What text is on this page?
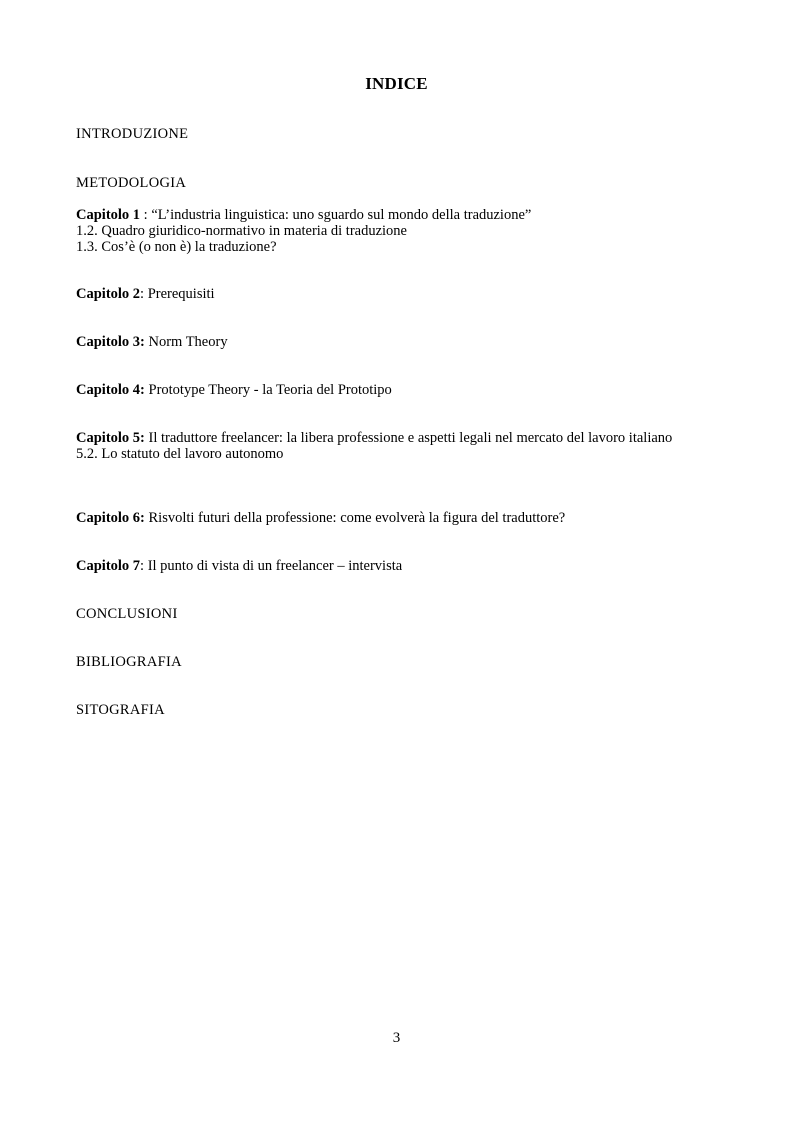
INDICE
INTRODUZIONE
METODOLOGIA
Capitolo 1 : “L’industria linguistica: uno sguardo sul mondo della traduzione”
1.2. Quadro giuridico-normativo in materia di traduzione
1.3. Cos’è (o non è) la traduzione?
Capitolo 2: Prerequisiti
Capitolo 3: Norm Theory
Capitolo 4: Prototype Theory - la Teoria del Prototipo
Capitolo 5: Il traduttore freelancer: la libera professione e aspetti legali nel mercato del lavoro italiano
5.2. Lo statuto del lavoro autonomo
Capitolo 6: Risvolti futuri della professione: come evolverà la figura del traduttore?
Capitolo 7: Il punto di vista di un freelancer – intervista
CONCLUSIONI
BIBLIOGRAFIA
SITOGRAFIA
3
